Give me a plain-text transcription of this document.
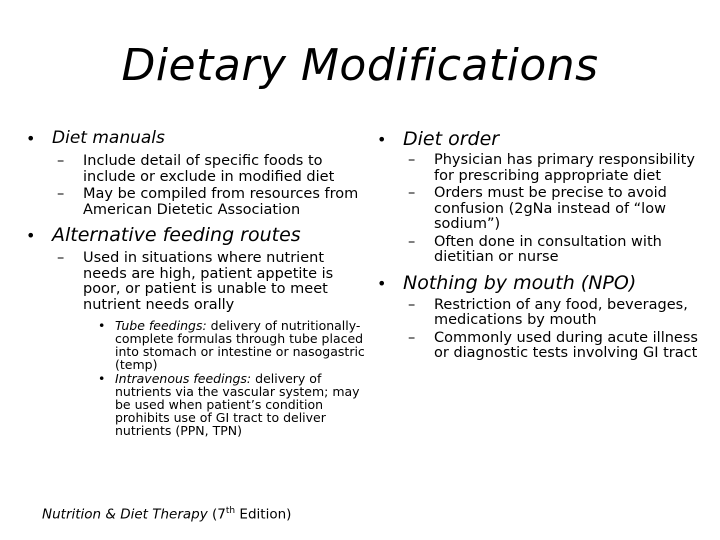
Dietary Modifications
• Diet manuals
–	Include detail of specific foods to include or exclude in modified diet
–	May be compiled from resources from American Dietetic Association
• Alternative feeding routes
–	Used in situations where nutrient needs are high, patient appetite is poor, or patient is unable to meet nutrient needs orally
• Tube feedings: delivery of nutritionally-complete formulas through tube placed into stomach or intestine or nasogastric (temp)
• Intravenous feedings: delivery of nutrients via the vascular system; may be used when patient’s condition prohibits use of GI tract to deliver nutrients (PPN, TPN)
• Diet order
–	Physician has primary responsibility for prescribing appropriate diet
–	Orders must be precise to avoid confusion (2gNa instead of “low sodium”)
–	Often done in consultation with dietitian or nurse
• Nothing by mouth (NPO)
–	Restriction of any food, beverages, medications by mouth
–	Commonly used during acute illness or diagnostic tests involving GI tract
Nutrition & Diet Therapy (7th Edition)
